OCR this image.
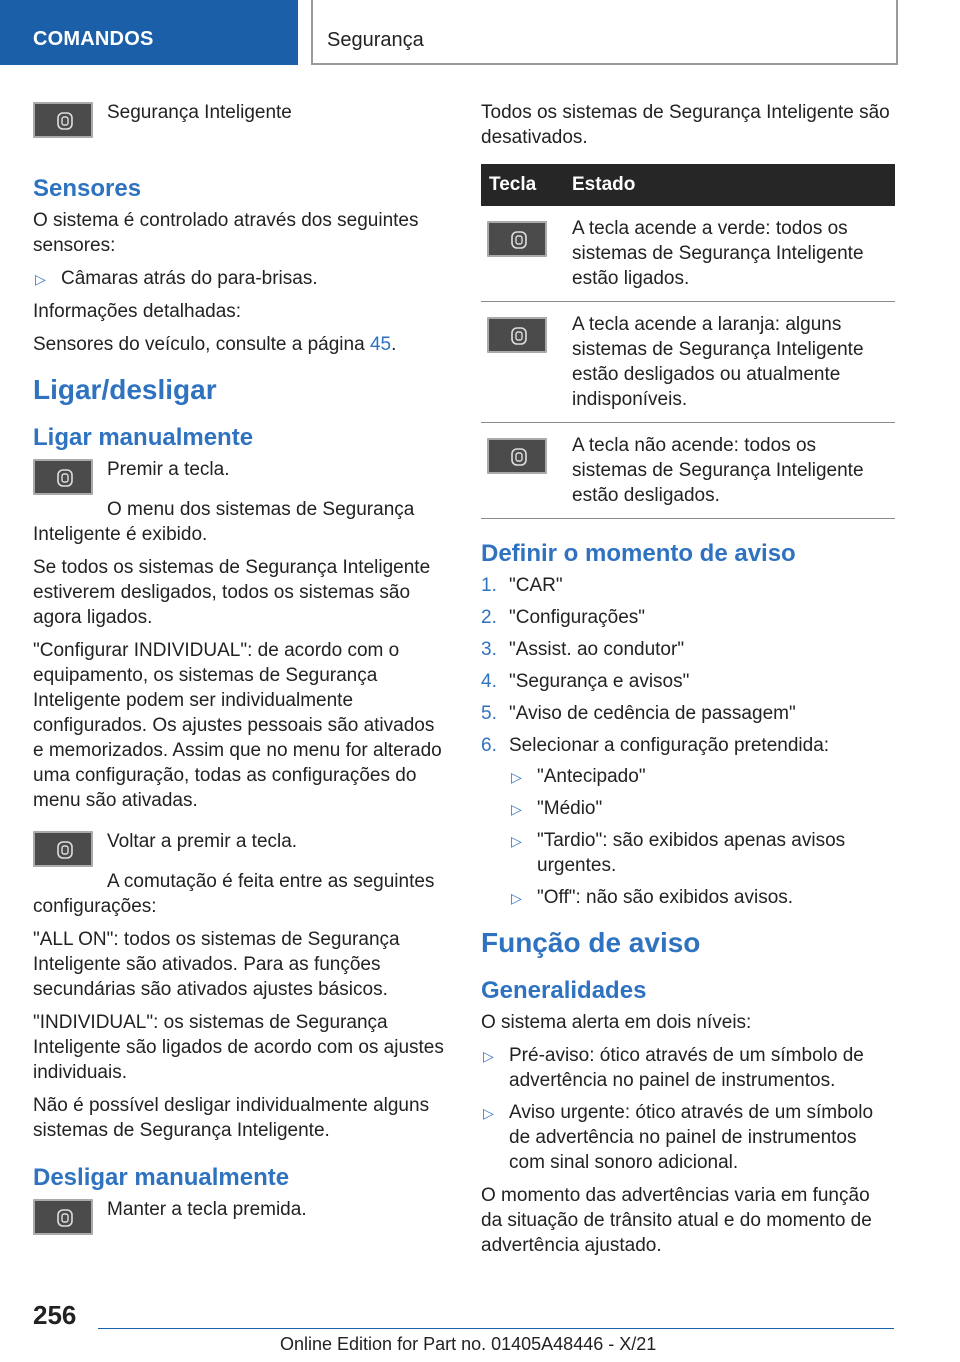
COMANDOS	Segurança

Segurança Inteligente

Sensores

O sistema é controlado através dos seguintes sensores:

▷ Câmaras atrás do para-brisas.

Informações detalhadas:

Sensores do veículo, consulte a página 45.

Ligar/desligar
Ligar manualmente

Premir a tecla.

O menu dos sistemas de Segurança Inteligente é exibido.

Se todos os sistemas de Segurança Inteligente estiverem desligados, todos os sistemas são agora ligados.

"Configurar INDIVIDUAL": de acordo com o equipamento, os sistemas de Segurança Inteligente podem ser individualmente configurados. Os ajustes pessoais são ativados e memorizados. Assim que no menu for alterado uma configuração, todas as configurações do menu são ativadas.

Voltar a premir a tecla.

A comutação é feita entre as seguintes configurações:

"ALL ON": todos os sistemas de Segurança Inteligente são ativados. Para as funções secundárias são ativados ajustes básicos.

"INDIVIDUAL": os sistemas de Segurança Inteligente são ligados de acordo com os ajustes individuais.

Não é possível desligar individualmente alguns sistemas de Segurança Inteligente.

Desligar manualmente

Manter a tecla premida.

Todos os sistemas de Segurança Inteligente são desativados.

Tecla	Estado

	A tecla acende a verde: todos os sistemas de Segurança Inteligente estão ligados.

	A tecla acende a laranja: alguns sistemas de Segurança Inteligente estão desligados ou atualmente indisponíveis.

	A tecla não acende: todos os sistemas de Segurança Inteligente estão desligados.
Definir o momento de aviso
1. "CAR"
2. "Configurações"
3. "Assist. ao condutor"
4. "Segurança e avisos"
5. "Aviso de cedência de passagem"
6. Selecionar a configuração pretendida:
▷ "Antecipado"
▷ "Médio"
▷ "Tardio": são exibidos apenas avisos urgentes.
▷ "Off": não são exibidos avisos.
Função de aviso
Generalidades

O sistema alerta em dois níveis:

▷ Pré-aviso: ótico através de um símbolo de advertência no painel de instrumentos.
▷ Aviso urgente: ótico através de um símbolo de advertência no painel de instrumentos com sinal sonoro adicional.

O momento das advertências varia em função da situação de trânsito atual e do momento de advertência ajustado.

256
Online Edition for Part no. 01405A48446 - X/21
